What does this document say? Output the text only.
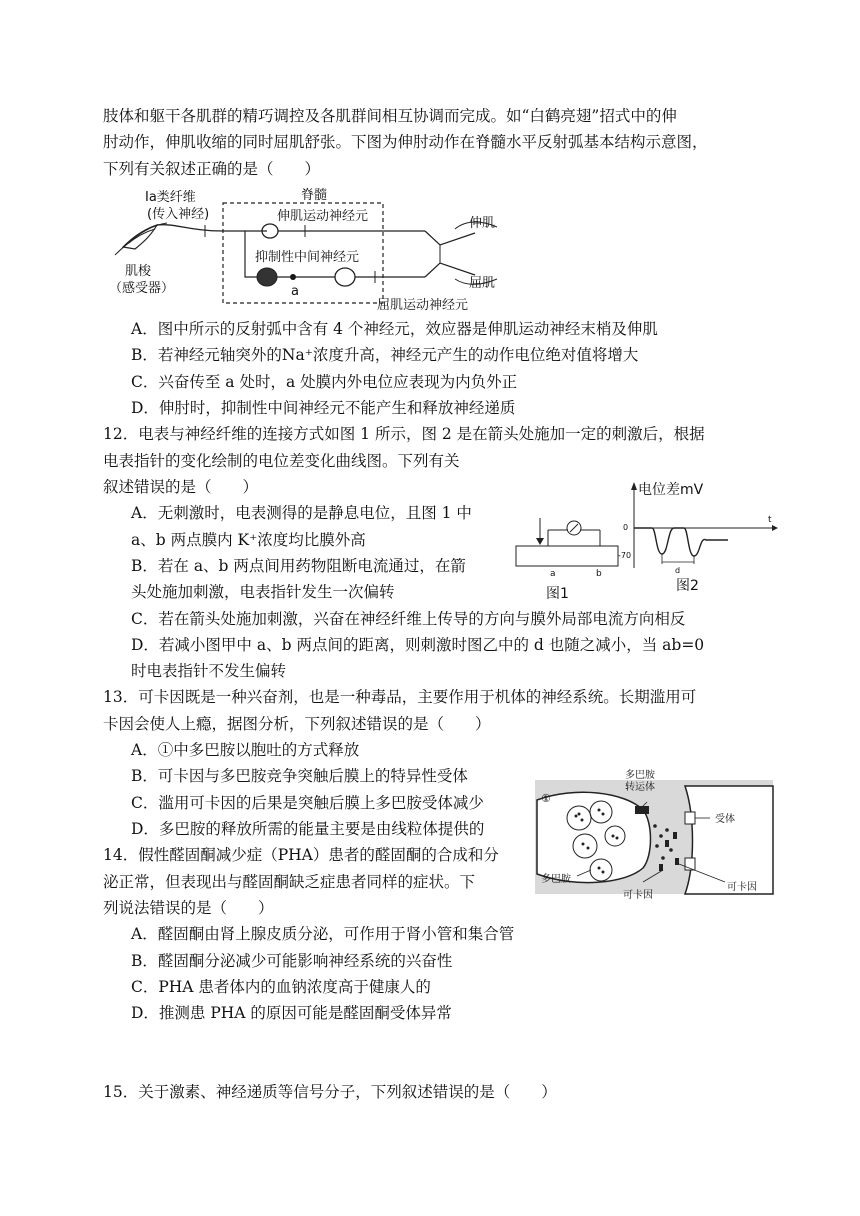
肢体和躯干各肌群的精巧调控及各肌群间相互协调而完成。如“白鹤亮翅”招式中的伸
肘动作，伸肌收缩的同时屈肌舒张。下图为伸肘动作在脊髓水平反射弧基本结构示意图，
下列有关叙述正确的是（　　）
Ⅰa类纤维
(传入神经)
脊髓
伸肌运动神经元
抑制性中间神经元
a
伸肌
屈肌
屈肌运动神经元
肌梭
（感受器）
A．图中所示的反射弧中含有 4 个神经元，效应器是伸肌运动神经末梢及伸肌
B．若神经元轴突外的Na⁺浓度升高，神经元产生的动作电位绝对值将增大
C．兴奋传至 a 处时，a 处膜内外电位应表现为内负外正
D．伸肘时，抑制性中间神经元不能产生和释放神经递质
12．电表与神经纤维的连接方式如图 1 所示，图 2 是在箭头处施加一定的刺激后，根据
电表指针的变化绘制的电位差变化曲线图。下列有关
叙述错误的是（　　）
A．无刺激时，电表测得的是静息电位，且图 1 中
a、b 两点膜内 K⁺浓度均比膜外高
B．若在 a、b 两点间用药物阻断电流通过，在箭
头处施加刺激，电表指针发生一次偏转
C．若在箭头处施加刺激，兴奋在神经纤维上传导的方向与膜外局部电流方向相反
D．若减小图甲中 a、b 两点间的距离，则刺激时图乙中的 d 也随之减小，当 ab=0
时电表指针不发生偏转
a	b
图1
电位差mV
0
-70
t
d
图2
13．可卡因既是一种兴奋剂，也是一种毒品，主要作用于机体的神经系统。长期滥用可
卡因会使人上瘾，据图分析，下列叙述错误的是（　　）
A．①中多巴胺以胞吐的方式释放
B．可卡因与多巴胺竞争突触后膜上的特异性受体
C．滥用可卡因的后果是突触后膜上多巴胺受体减少
D．多巴胺的释放所需的能量主要是由线粒体提供的
多巴胺
转运体
①
受体
多巴胺
可卡因
可卡因
14．假性醛固酮减少症（PHA）患者的醛固酮的合成和分
泌正常，但表现出与醛固酮缺乏症患者同样的症状。下
列说法错误的是（　　）
A．醛固酮由肾上腺皮质分泌，可作用于肾小管和集合管
B．醛固酮分泌减少可能影响神经系统的兴奋性
C．PHA 患者体内的血钠浓度高于健康人的
D．推测患 PHA 的原因可能是醛固酮受体异常
15．关于激素、神经递质等信号分子，下列叙述错误的是（　　）
